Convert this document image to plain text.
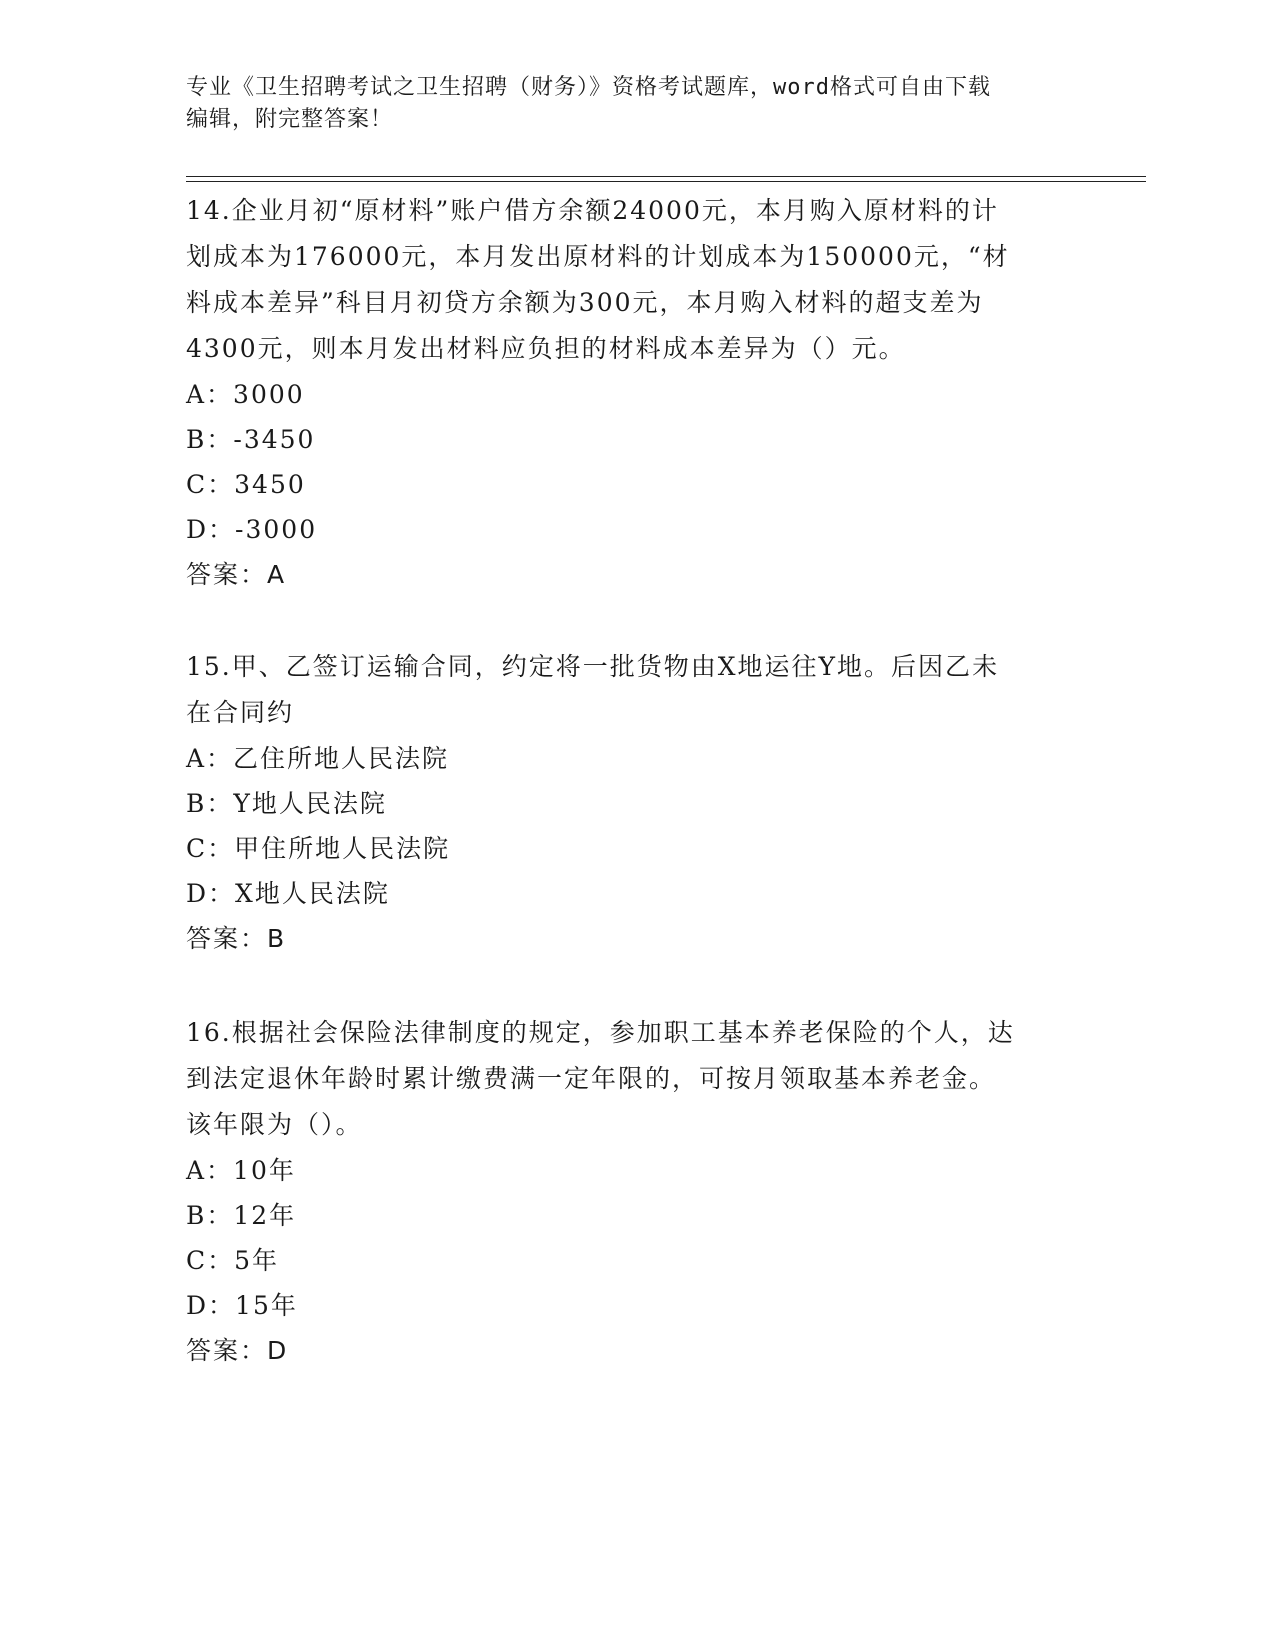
专业《卫生招聘考试之卫生招聘（财务）》资格考试题库，word格式可自由下载
编辑，附完整答案！

14.企业月初“原材料”账户借方余额24000元，本月购入原材料的计

划成本为176000元，本月发出原材料的计划成本为150000元，“材

料成本差异”科目月初贷方余额为300元，本月购入材料的超支差为

4300元，则本月发出材料应负担的材料成本差异为（）元。

A：3000

B：-3450

C：3450

D：-3000

答案：A

15.甲、乙签订运输合同，约定将一批货物由X地运往Y地。后因乙未

在合同约

A：乙住所地人民法院

B：Y地人民法院

C：甲住所地人民法院

D：X地人民法院

答案：B

16.根据社会保险法律制度的规定，参加职工基本养老保险的个人，达

到法定退休年龄时累计缴费满一定年限的，可按月领取基本养老金。

该年限为（）。

A：10年

B：12年

C：5年

D：15年

答案：D
